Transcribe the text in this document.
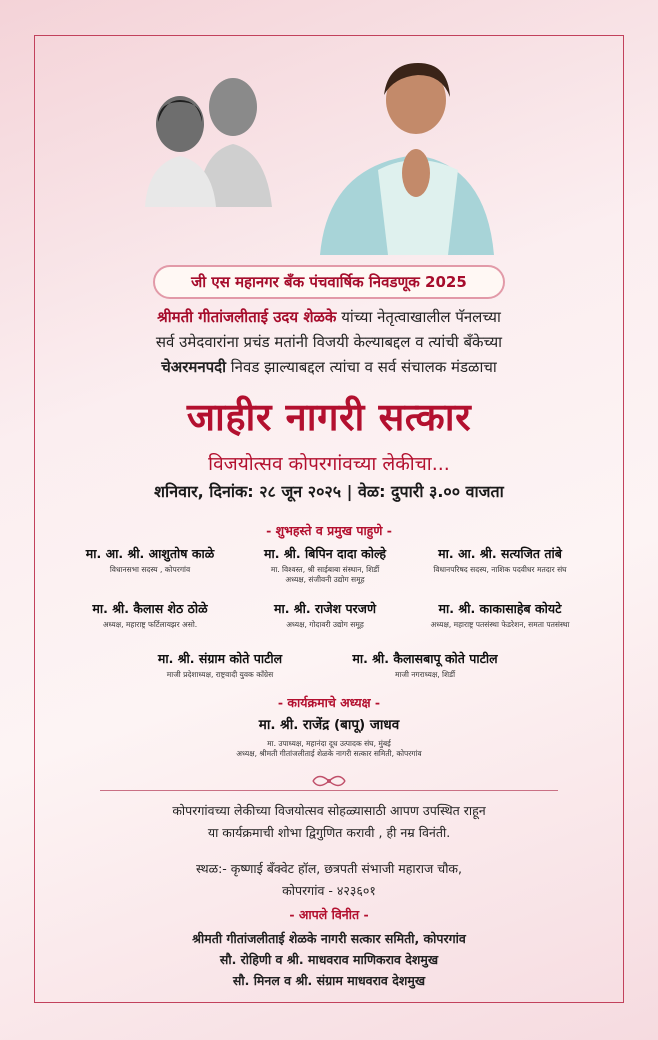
जी एस महानगर बँक पंचवार्षिक निवडणूक 2025
श्रीमती गीतांजलीताई उदय शेळके यांच्या नेतृत्वाखालील पॅनलच्या
सर्व उमेदवारांना प्रचंड मतांनी विजयी केल्याबद्दल व त्यांची बँकेच्या
चेअरमनपदी निवड झाल्याबद्दल त्यांचा व सर्व संचालक मंडळाचा
जाहीर नागरी सत्कार
विजयोत्सव कोपरगांवच्या लेकीचा...
शनिवार, दिनांक: २८ जून २०२५ | वेळ: दुपारी ३.०० वाजता
- शुभहस्ते व प्रमुख पाहुणे -
मा. आ. श्री. आशुतोष काळे
विधानसभा सदस्य , कोपरगांव
मा. श्री. बिपिन दादा कोल्हे
मा. विश्वस्त, श्री साईबाबा संस्थान, शिर्डी
अध्यक्ष, संजीवनी उद्योग समूह
मा. आ. श्री. सत्यजित तांबे
विधानपरिषद सदस्य, नाशिक पदवीधर मतदार संघ
मा. श्री. कैलास शेठ ठोळे
अध्यक्ष, महाराष्ट्र फर्टिलायझर असो.
मा. श्री. राजेश परजणे
अध्यक्ष, गोदावरी उद्योग समूह
मा. श्री. काकासाहेब कोयटे
अध्यक्ष, महाराष्ट्र पतसंस्था फेडरेशन, समता पतसंस्था
मा. श्री. संग्राम कोते पाटील
माजी प्रदेशाध्यक्ष, राष्ट्रवादी युवक कॉंग्रेस
मा. श्री. कैलासबापू कोते पाटील
माजी नगराध्यक्ष, शिर्डी
- कार्यक्रमाचे अध्यक्ष -
मा. श्री. राजेंद्र (बापू) जाधव
मा. उपाध्यक्ष, महानंदा दूध उत्पादक संघ, मुंबई
अध्यक्ष, श्रीमती गीतांजलीताई शेळके नागरी सत्कार समिती, कोपरगांव
कोपरगांवच्या लेकीच्या विजयोत्सव सोहळ्यासाठी आपण उपस्थित राहून
या कार्यक्रमाची शोभा द्विगुणित करावी , ही नम्र विनंती.
स्थळ:- कृष्णाई बँक्वेट हॉल, छत्रपती संभाजी महाराज चौक,
कोपरगांव - ४२३६०१
- आपले विनीत -
श्रीमती गीतांजलीताई शेळके नागरी सत्कार समिती, कोपरगांव
सौ. रोहिणी व श्री. माधवराव माणिकराव देशमुख
सौ. मिनल व श्री. संग्राम माधवराव देशमुख
